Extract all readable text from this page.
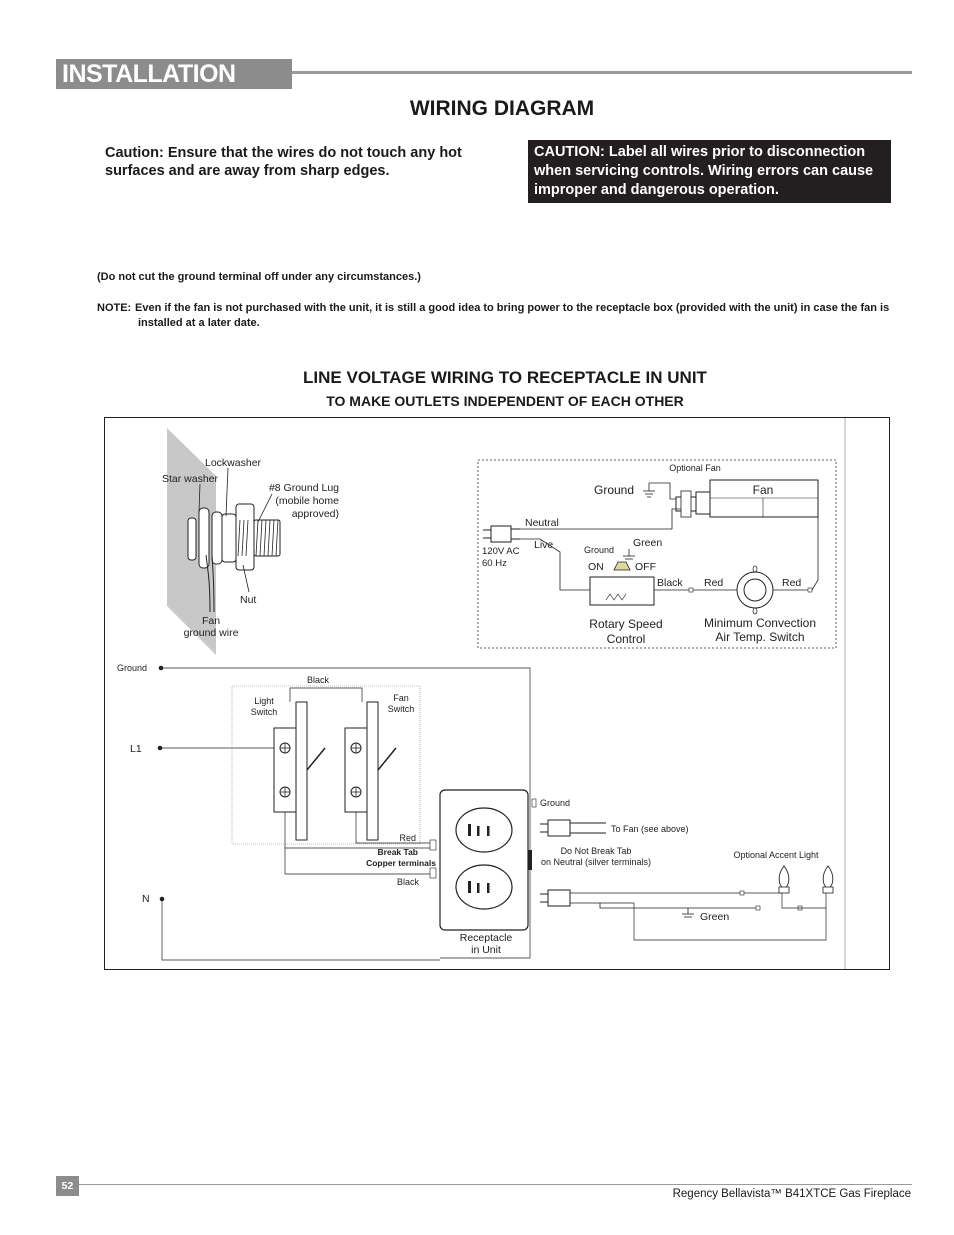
INSTALLATION
WIRING DIAGRAM
Caution: Ensure that the wires do not touch any hot surfaces and are away from sharp edges.
CAUTION: Label all wires prior to disconnection when servicing controls. Wiring errors can cause improper and dangerous operation.
(Do not cut the ground terminal off under any circumstances.)
NOTE: Even if the fan is not purchased with the unit, it is still a good idea to bring power to the receptacle box (provided with the unit) in case the fan is installed at a later date.
LINE VOLTAGE WIRING TO RECEPTACLE IN UNIT
TO MAKE OUTLETS INDEPENDENT OF EACH OTHER
Lockwasher
Star washer
#8 Ground Lug
(mobile home
approved)
Nut
Fan
ground wire
Optional Fan
Fan
Ground
Neutral
Live
120V AC
60 Hz
Ground
Green
ON	OFF
Black Red	Red
Rotary Speed
Control
Minimum Convection
Air Temp. Switch
Ground
L1
N
Black
Light
Switch
Fan
Switch
Red
Break Tab
Copper terminals
Black
Receptacle
in Unit
Ground
To Fan (see above)
Do Not Break Tab
on Neutral (silver terminals)
Green
Optional Accent Light
52
Regency Bellavista™ B41XTCE Gas Fireplace
